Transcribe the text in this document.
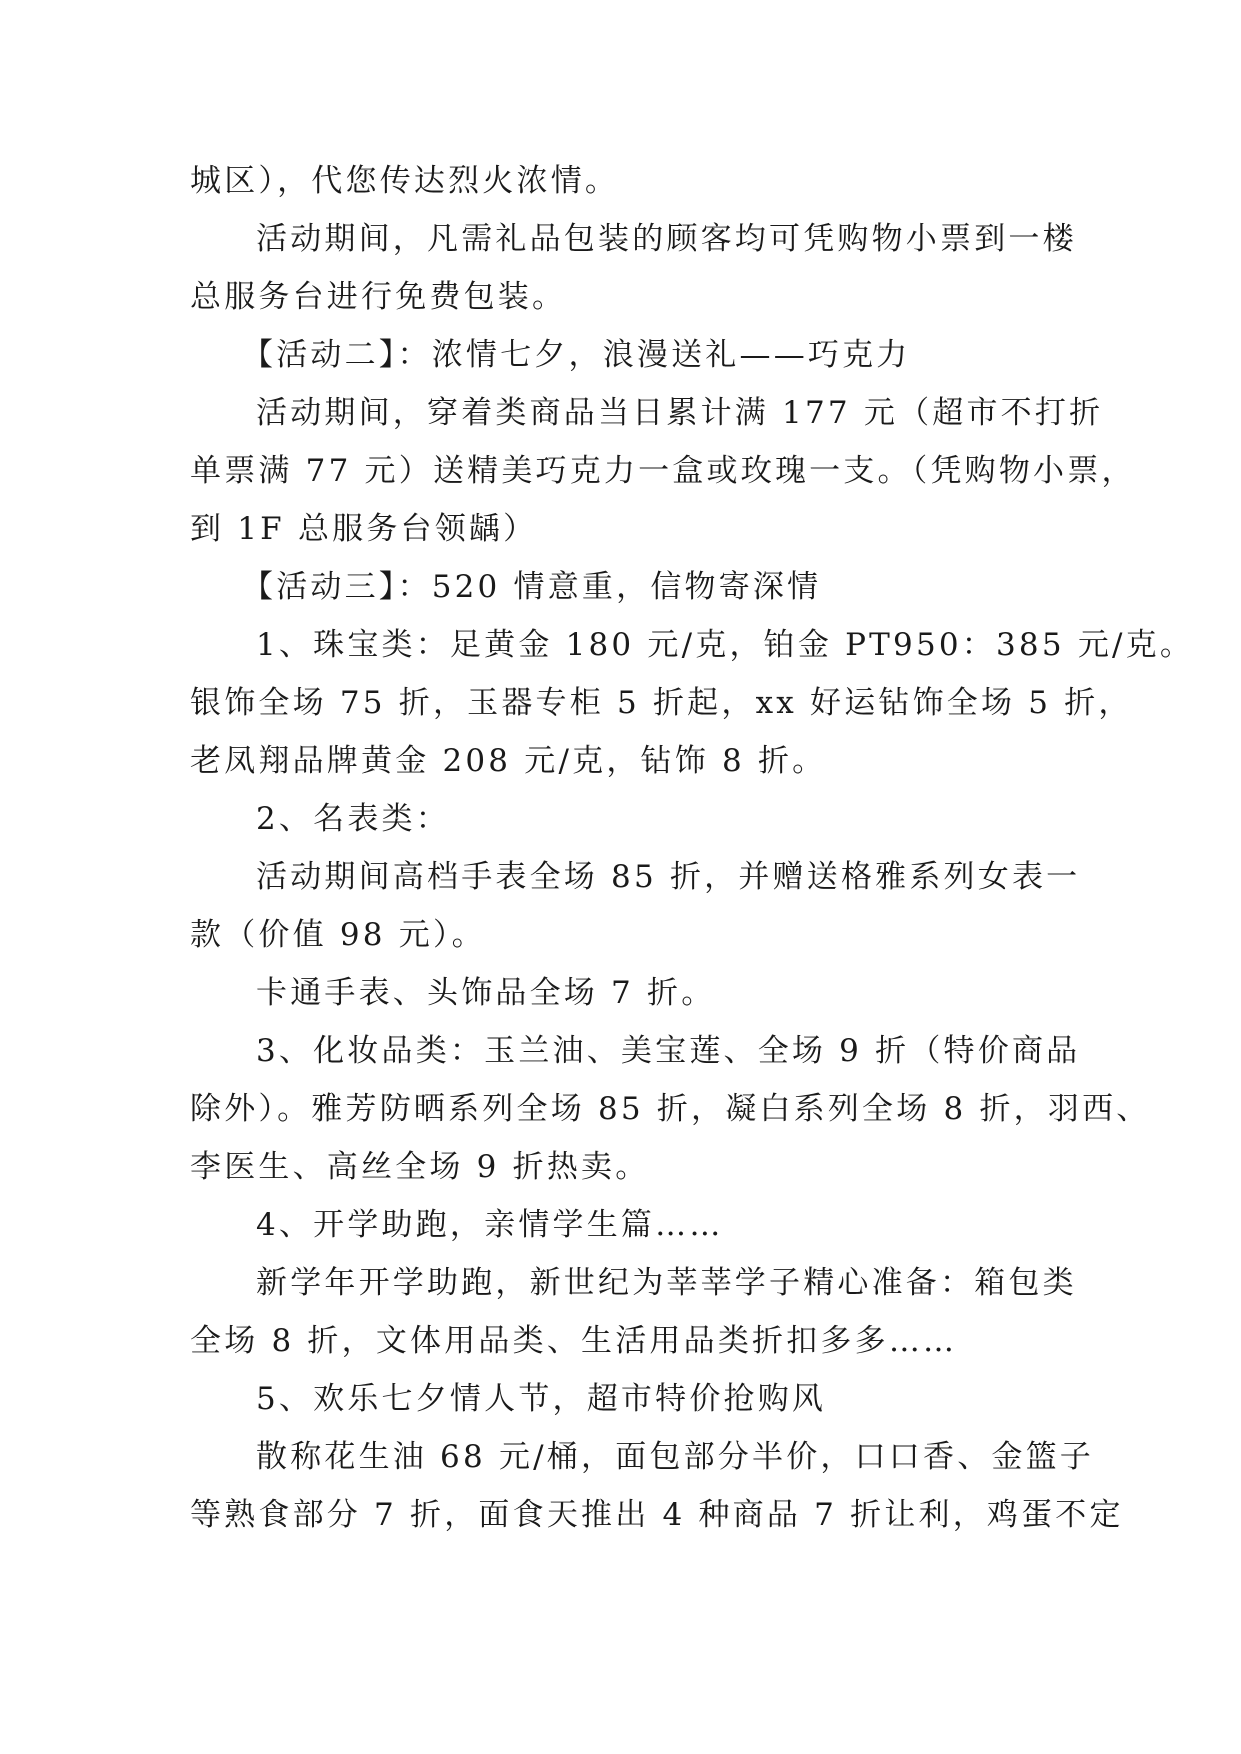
城区），代您传达烈火浓情。
活动期间，凡需礼品包装的顾客均可凭购物小票到一楼
总服务台进行免费包装。
【活动二】：浓情七夕，浪漫送礼——巧克力
活动期间，穿着类商品当日累计满 177 元（超市不打折
单票满 77 元）送精美巧克力一盒或玫瑰一支。（凭购物小票，
到 1F 总服务台领龋）
【活动三】：520 情意重，信物寄深情
1、珠宝类：足黄金 180 元/克，铂金 PT950：385 元/克。
银饰全场 75 折，玉器专柜 5 折起，xx 好运钻饰全场 5 折，
老凤翔品牌黄金 208 元/克，钻饰 8 折。
2、名表类：
活动期间高档手表全场 85 折，并赠送格雅系列女表一
款（价值 98 元）。
卡通手表、头饰品全场 7 折。
3、化妆品类：玉兰油、美宝莲、全场 9 折（特价商品
除外）。雅芳防晒系列全场 85 折，凝白系列全场 8 折，羽西、
李医生、高丝全场 9 折热卖。
4、开学助跑，亲情学生篇……
新学年开学助跑，新世纪为莘莘学子精心准备：箱包类
全场 8 折，文体用品类、生活用品类折扣多多……
5、欢乐七夕情人节，超市特价抢购风
散称花生油 68 元/桶，面包部分半价，口口香、金篮子
等熟食部分 7 折，面食天推出 4 种商品 7 折让利，鸡蛋不定
